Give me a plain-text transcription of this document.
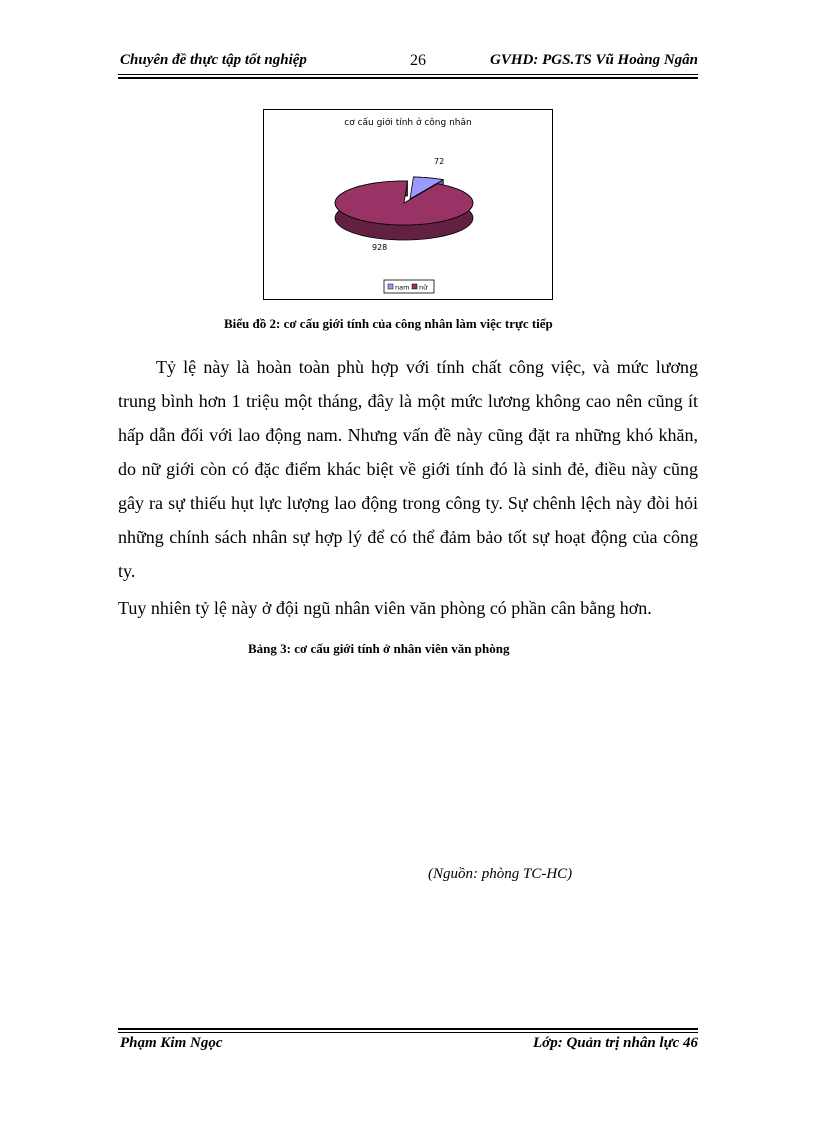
Chuyên đề thực tập tốt nghiệp	26	GVHD: PGS.TS Vũ Hoàng Ngân
cơ cấu giới tính ở công nhân
72
928
nam nữ
Biểu đồ 2: cơ cấu giới tính của công nhân làm việc trực tiếp

Tỷ lệ này là hoàn toàn phù hợp với tính chất công việc, và mức lương trung bình hơn 1 triệu một tháng, đây là một mức lương không cao nên cũng ít hấp dẫn đối với lao động nam. Nhưng vấn đề này cũng đặt ra những khó khăn, do nữ giới còn có đặc điểm khác biệt về giới tính đó là sinh đẻ, điều này cũng gây ra sự thiếu hụt lực lượng lao động trong công ty. Sự chênh lệch này đòi hỏi những chính sách nhân sự hợp lý để có thể đảm bảo tốt sự hoạt động của công ty.

Tuy nhiên tỷ lệ này ở đội ngũ nhân viên văn phòng có phần cân bằng hơn.
Bảng 3: cơ cấu giới tính ở nhân viên văn phòng
(Nguồn: phòng TC-HC)
Phạm Kim Ngọc	Lớp: Quản trị nhân lực 46
